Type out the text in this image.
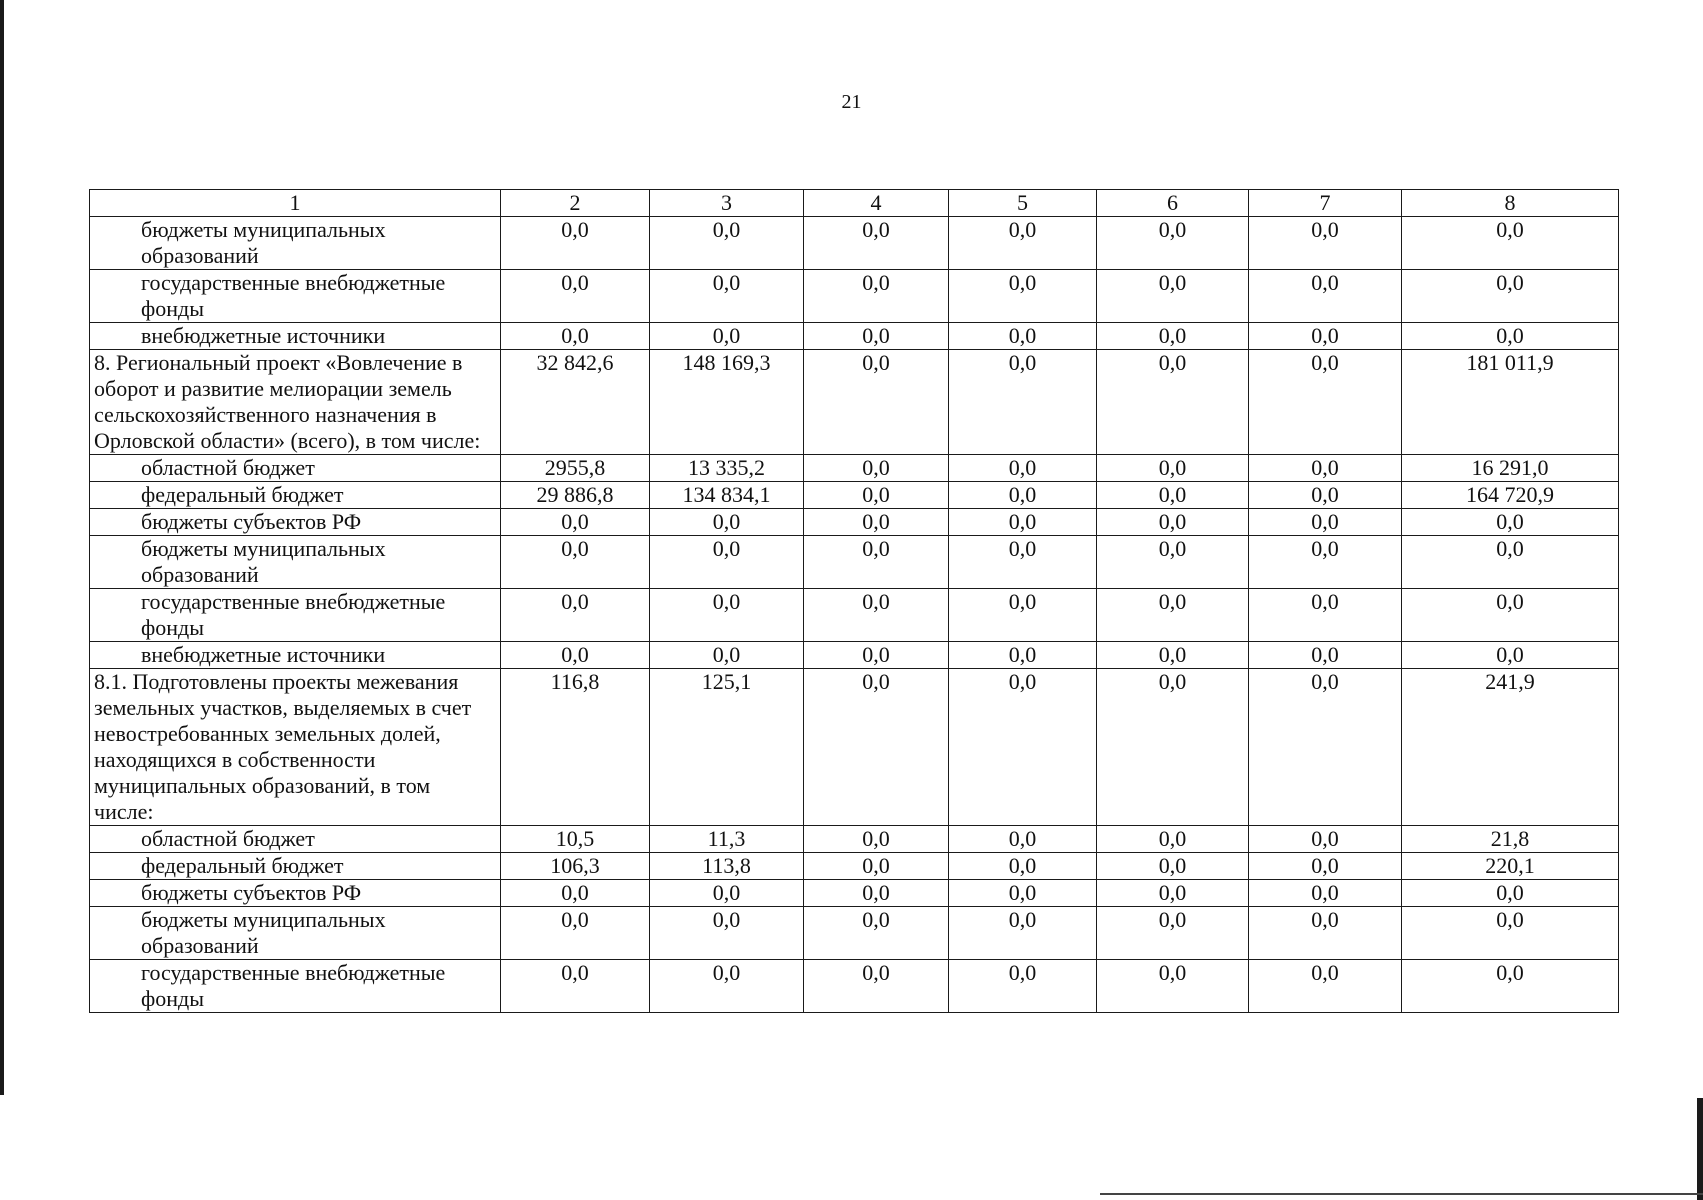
21
1	2	3	4	5	6	7	8
бюджеты муниципальных образований	0,0	0,0	0,0	0,0	0,0	0,0	0,0
государственные внебюджетные фонды	0,0	0,0	0,0	0,0	0,0	0,0	0,0
внебюджетные источники	0,0	0,0	0,0	0,0	0,0	0,0	0,0
8. Региональный проект «Вовлечение в оборот и развитие мелиорации земель сельскохозяйственного назначения в Орловской области» (всего), в том числе:	32 842,6	148 169,3	0,0	0,0	0,0	0,0	181 011,9
областной бюджет	2955,8	13 335,2	0,0	0,0	0,0	0,0	16 291,0
федеральный бюджет	29 886,8	134 834,1	0,0	0,0	0,0	0,0	164 720,9
бюджеты субъектов РФ	0,0	0,0	0,0	0,0	0,0	0,0	0,0
бюджеты муниципальных образований	0,0	0,0	0,0	0,0	0,0	0,0	0,0
государственные внебюджетные фонды	0,0	0,0	0,0	0,0	0,0	0,0	0,0
внебюджетные источники	0,0	0,0	0,0	0,0	0,0	0,0	0,0
8.1. Подготовлены проекты межевания земельных участков, выделяемых в счет невостребованных земельных долей, находящихся в собственности муниципальных образований, в том числе:	116,8	125,1	0,0	0,0	0,0	0,0	241,9
областной бюджет	10,5	11,3	0,0	0,0	0,0	0,0	21,8
федеральный бюджет	106,3	113,8	0,0	0,0	0,0	0,0	220,1
бюджеты субъектов РФ	0,0	0,0	0,0	0,0	0,0	0,0	0,0
бюджеты муниципальных образований	0,0	0,0	0,0	0,0	0,0	0,0	0,0
государственные внебюджетные фонды	0,0	0,0	0,0	0,0	0,0	0,0	0,0
